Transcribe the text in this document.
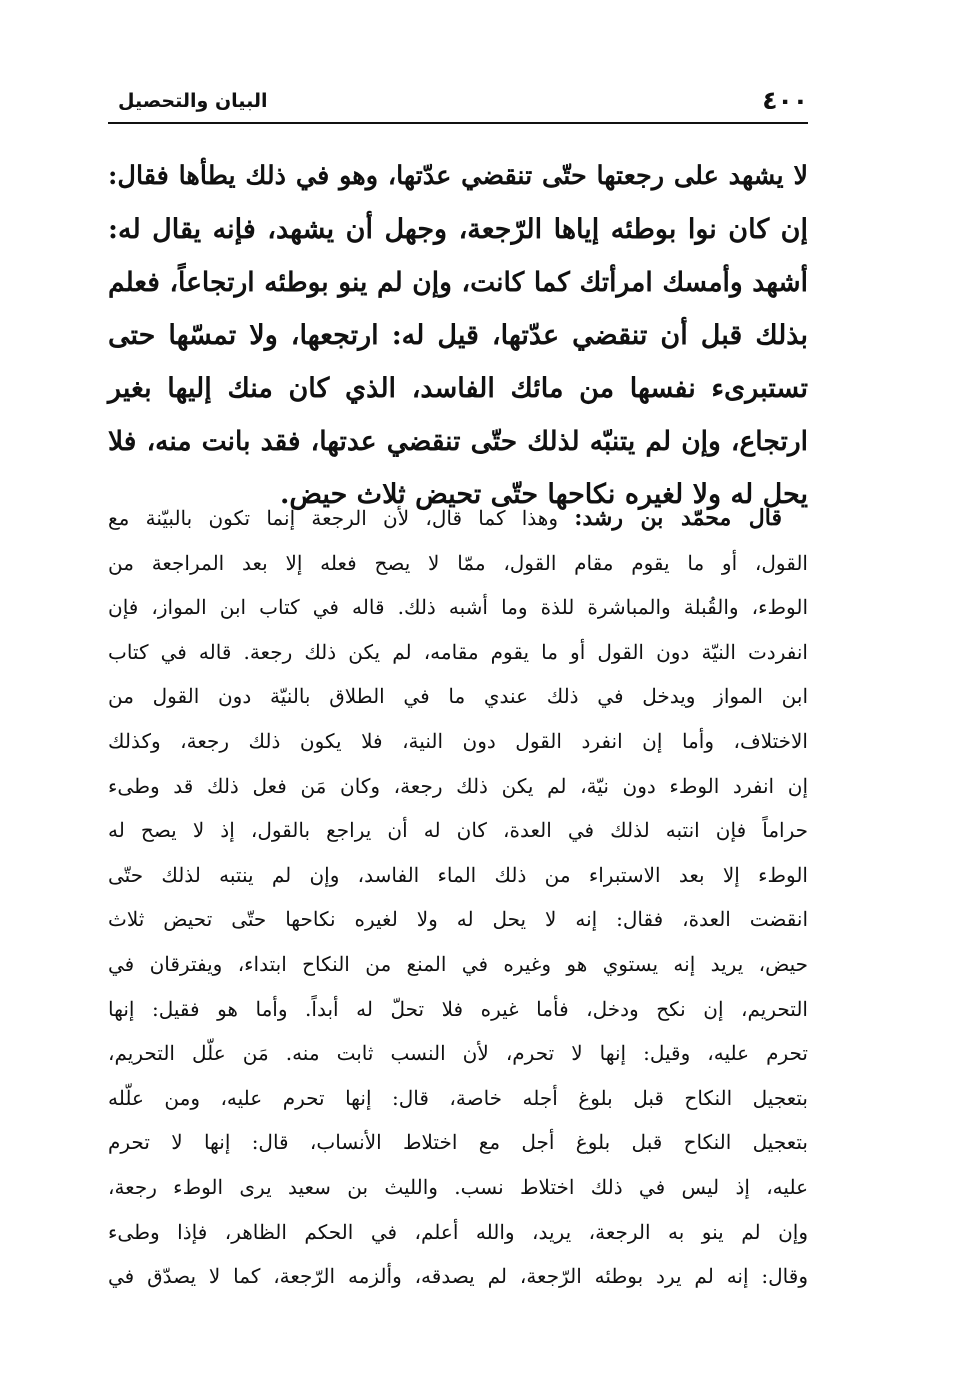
٤٠٠
البيان والتحصيل
لا يشهد على رجعتها حتّى تنقضي عدّتها، وهو في ذلك يطأها فقال:
إن كان نوا بوطئه إياها الرّجعة، وجهل أن يشهد، فإنه يقال له:
أشهد وأمسك امرأتك كما كانت، وإن لم ينو بوطئه ارتجاعاً، فعلم
بذلك قبل أن تنقضي عدّتها، قيل له: ارتجعها، ولا تمسّها حتى
تستبرىء نفسها من مائك الفاسد، الذي كان منك إليها بغير
ارتجاع، وإن لم يتنبّه لذلك حتّى تنقضي عدتها، فقد بانت منه، فلا
يحل له ولا لغيره نكاحها حتّى تحيض ثلاث حيض.
قال محمّد بن رشد: وهذا كما قال، لأن الرجعة إنما تكون بالبيّنة مع
القول، أو ما يقوم مقام القول، ممّا لا يصح فعله إلا بعد المراجعة من
الوطء، والقُبلة والمباشرة للذة وما أشبه ذلك. قاله في كتاب ابن المواز، فإن
انفردت النيّة دون القول أو ما يقوم مقامه، لم يكن ذلك رجعة. قاله في كتاب
ابن المواز ويدخل في ذلك عندي ما في الطلاق بالنيّة دون القول من
الاختلاف، وأما إن انفرد القول دون النية، فلا يكون ذلك رجعة، وكذلك
إن انفرد الوطء دون نيّة، لم يكن ذلك رجعة، وكان مَن فعل ذلك قد وطىء
حراماً فإن انتبه لذلك في العدة، كان له أن يراجع بالقول، إذ لا يصح له
الوطء إلا بعد الاستبراء من ذلك الماء الفاسد، وإن لم ينتبه لذلك حتّى
انقضت العدة، فقال: إنه لا يحل له ولا لغيره نكاحها حتّى تحيض ثلاث
حيض، يريد إنه يستوي هو وغيره في المنع من النكاح ابتداء، ويفترقان في
التحريم، إن نكح ودخل، فأما غيره فلا تحلّ له أبداً. وأما هو فقيل: إنها
تحرم عليه، وقيل: إنها لا تحرم، لأن النسب ثابت منه. مَن علّل التحريم،
بتعجيل النكاح قبل بلوغ أجله خاصة، قال: إنها تحرم عليه، ومن علّله
بتعجيل النكاح قبل بلوغ أجل مع اختلاط الأنساب، قال: إنها لا تحرم
عليه، إذ ليس في ذلك اختلاط نسب. والليث بن سعيد يرى الوطء رجعة،
وإن لم ينو به الرجعة، يريد، والله أعلم، في الحكم الظاهر، فإذا وطىء
وقال: إنه لم يرد بوطئه الرّجعة، لم يصدقه، وألزمه الرّجعة، كما لا يصدّق في
